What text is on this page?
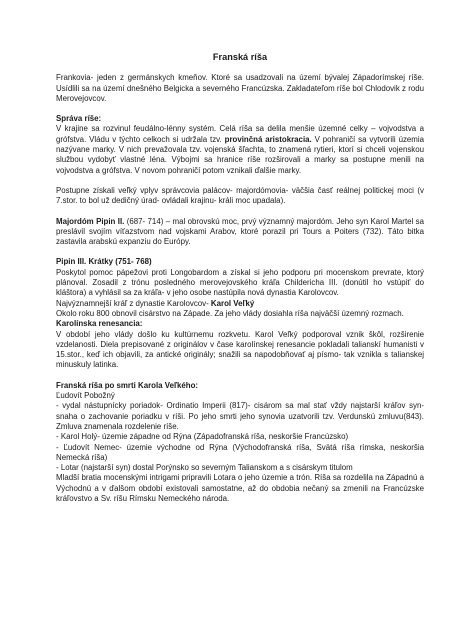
Franská ríša

Frankovia- jeden z germánskych kmeňov. Ktoré sa usadzovali na území bývalej Západorímskej ríše. Usídlili sa na území dnešného Belgicka a severného Francúzska. Zakladateľom ríše bol Chlodovik z rodu Merovejovcov.

Správa ríše:

V krajine sa rozvinul feudálno-lénny systém. Celá ríša sa delila menšie územné celky – vojvodstva a grófstva. Vládu v týchto celkoch si udržala tzv. provinčná aristokracia. V pohraničí sa vytvorili územia nazývane marky. V nich prevažovala tzv. vojenská šľachta, to znamená rytieri, ktorí si chceli vojenskou službou vydobyť vlastné léna. Výbojmi sa hranice ríše rozširovali a marky sa postupne menili na vojvodstva a grófstva. V novom pohraničí potom vznikali ďalšie marky.

Postupne získali veľký vplyv správcovia palácov- majordómovia- väčšia časť reálnej politickej moci (v 7.stor. to bol už dedičný úrad- ovládali krajinu- králi moc upadala).

Majordóm Pipin II. (687- 714) – mal obrovskú moc, prvý významný majordóm. Jeho syn Karol Martel sa preslávil svojím víťazstvom nad vojskami Arabov, ktoré porazil pri Tours a Poiters (732). Táto bitka zastavila arabskú expanziu do Európy.

Pipin III. Krátky (751- 768)

Poskytol pomoc pápežovi proti Longobardom a získal si jeho podporu pri mocenskom prevrate, ktorý plánoval. Zosadil z trónu posledného merovejovského kráľa Childericha III. (donútil ho vstúpiť do kláštora) a vyhlásil sa za kráľa- v jeho osobe nastúpila nová dynastia Karolovcov.

Najvýznamnejší kráľ z dynastie Karolovcov- Karol Veľký

Okolo roku 800 obnovil cisárstvo na Západe. Za jeho vlády dosiahla ríša najväčší územný rozmach.

Karolínska renesancia:

V období jeho vlády došlo ku kultúrnemu rozkvetu. Karol Veľký podporoval vznik škôl, rozširenie vzdelanosti. Diela prepisované z originálov v čase karolínskej renesancie pokladali talianskí humanisti v 15.stor., keď ich objavili, za antické originály; snažili sa napodobňovať aj písmo- tak vznikla s talianskej minuskuly latinka.

Franská ríša po smrti Karola Veľkého:

Ľudovít Pobožný

- vydal nástupnícky poriadok- Ordinatio Imperii (817)- cisárom sa mal stať vždy najstarší kráľov syn- snaha o zachovanie poriadku v ríši. Po jeho smrti jeho synovia uzatvorili tzv. Verdunskú zmluvu(843). Zmluva znamenala rozdelenie ríše.

- Karol Holý- územie západne od Rýna (Západofranská ríša, neskoršie Francúzsko)

- Ľudovít Nemec- územie východne od Rýna (Východofranská ríša, Svätá ríša rímska, neskoršia Nemecká ríša)

- Lotar (najstarší syn) dostal Porýnsko so severným Talianskom a s cisárskym titulom

Mladší bratia mocenskými intrigami pripravili Lotara o jeho územie a trón. Ríša sa rozdelila na Západnú a Východnú a v ďalšom období existovali samostatne, až do obdobia nečaný sa zmenili na Francúzske kráľovstvo a Sv. ríšu Rímsku Nemeckého národa.
